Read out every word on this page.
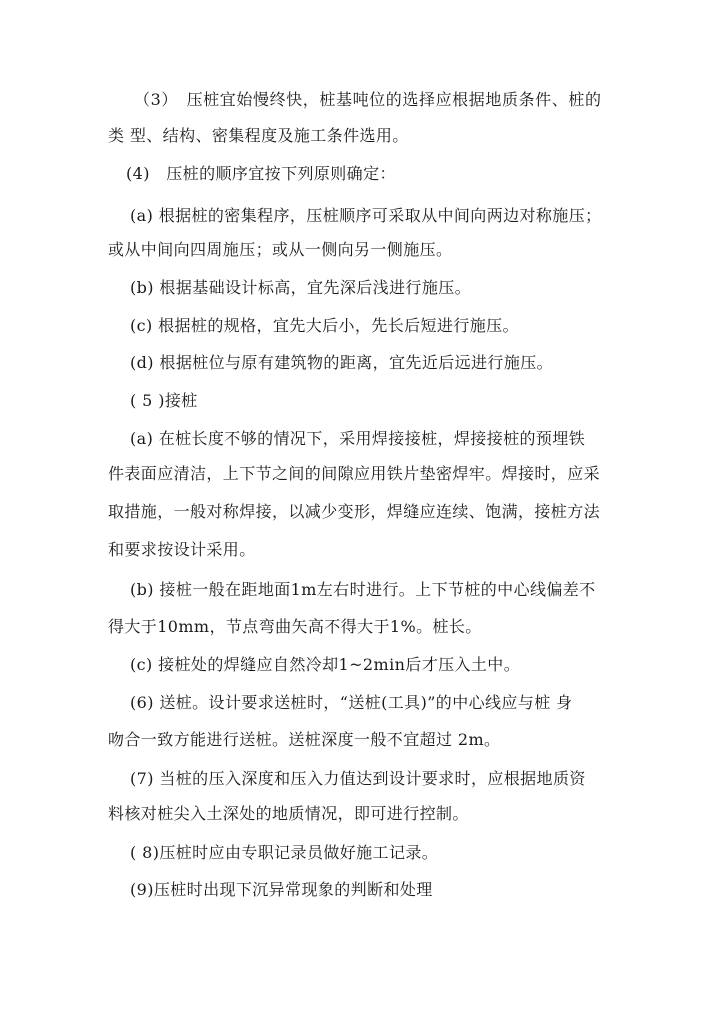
（3）　压桩宜始慢终快，桩基吨位的选择应根据地质条件、桩的
类 型、结构、密集程度及施工条件选用。
(4)　压桩的顺序宜按下列原则确定：
(a) 根据桩的密集程序，压桩顺序可采取从中间向两边对称施压；
或从中间向四周施压；或从一侧向另一侧施压。
(b) 根据基础设计标高，宜先深后浅进行施压。
(c) 根据桩的规格，宜先大后小，先长后短进行施压。
(d) 根据桩位与原有建筑物的距离，宜先近后远进行施压。
( 5 )接桩
(a) 在桩长度不够的情况下，采用焊接接桩，焊接接桩的预埋铁
件表面应清洁，上下节之间的间隙应用铁片垫密焊牢。焊接时，应采
取措施，一般对称焊接，以减少变形，焊缝应连续、饱满，接桩方法
和要求按设计采用。
(b) 接桩一般在距地面1m左右时进行。上下节桩的中心线偏差不
得大于10mm，节点弯曲矢高不得大于1%。桩长。
(c) 接桩处的焊缝应自然冷却1~2min后才压入土中。
(6) 送桩。设计要求送桩时，“送桩(工具)”的中心线应与桩 身
吻合一致方能进行送桩。送桩深度一般不宜超过 2m。
(7) 当桩的压入深度和压入力值达到设计要求时，应根据地质资
料核对桩尖入土深处的地质情况，即可进行控制。
( 8)压桩时应由专职记录员做好施工记录。
(9)压桩时出现下沉异常现象的判断和处理
